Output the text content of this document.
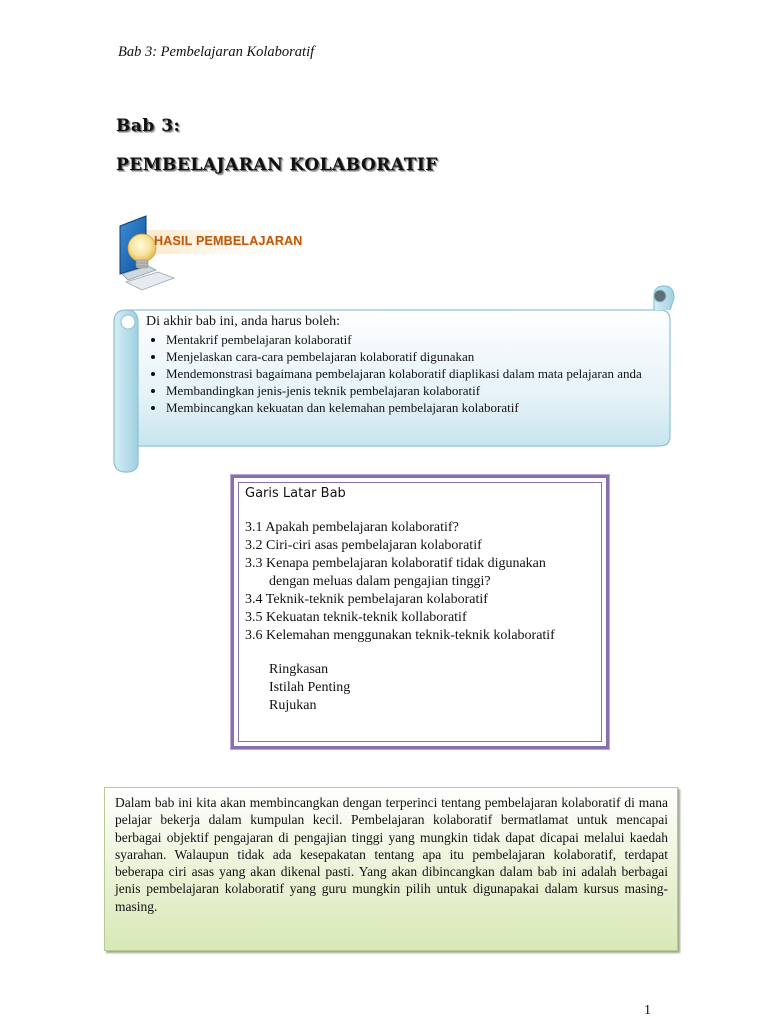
Bab 3: Pembelajaran Kolaboratif
Bab 3:
PEMBELAJARAN KOLABORATIF
HASIL PEMBELAJARAN
Di akhir bab ini, anda harus boleh:
• Mentakrif pembelajaran kolaboratif
• Menjelaskan cara-cara pembelajaran kolaboratif digunakan
• Mendemonstrasi bagaimana pembelajaran kolaboratif diaplikasi dalam mata pelajaran anda
• Membandingkan jenis-jenis teknik pembelajaran kolaboratif
• Membincangkan kekuatan dan kelemahan pembelajaran kolaboratif
Garis Latar Bab
3.1 Apakah pembelajaran kolaboratif?
3.2 Ciri-ciri asas pembelajaran kolaboratif
3.3 Kenapa pembelajaran kolaboratif tidak digunakan
dengan meluas dalam pengajian tinggi?
3.4 Teknik-teknik pembelajaran kolaboratif
3.5 Kekuatan teknik-teknik kollaboratif
3.6 Kelemahan menggunakan teknik-teknik kolaboratif
Ringkasan
Istilah Penting
Rujukan
Dalam bab ini kita akan membincangkan dengan terperinci tentang pembelajaran kolaboratif di mana pelajar bekerja dalam kumpulan kecil. Pembelajaran kolaboratif bermatlamat untuk mencapai berbagai objektif pengajaran di pengajian tinggi yang mungkin tidak dapat dicapai melalui kaedah syarahan. Walaupun tidak ada kesepakatan tentang apa itu pembelajaran kolaboratif, terdapat beberapa ciri asas yang akan dikenal pasti. Yang akan dibincangkan dalam bab ini adalah berbagai jenis pembelajaran kolaboratif yang guru mungkin pilih untuk digunapakai dalam kursus masing-masing.
1
